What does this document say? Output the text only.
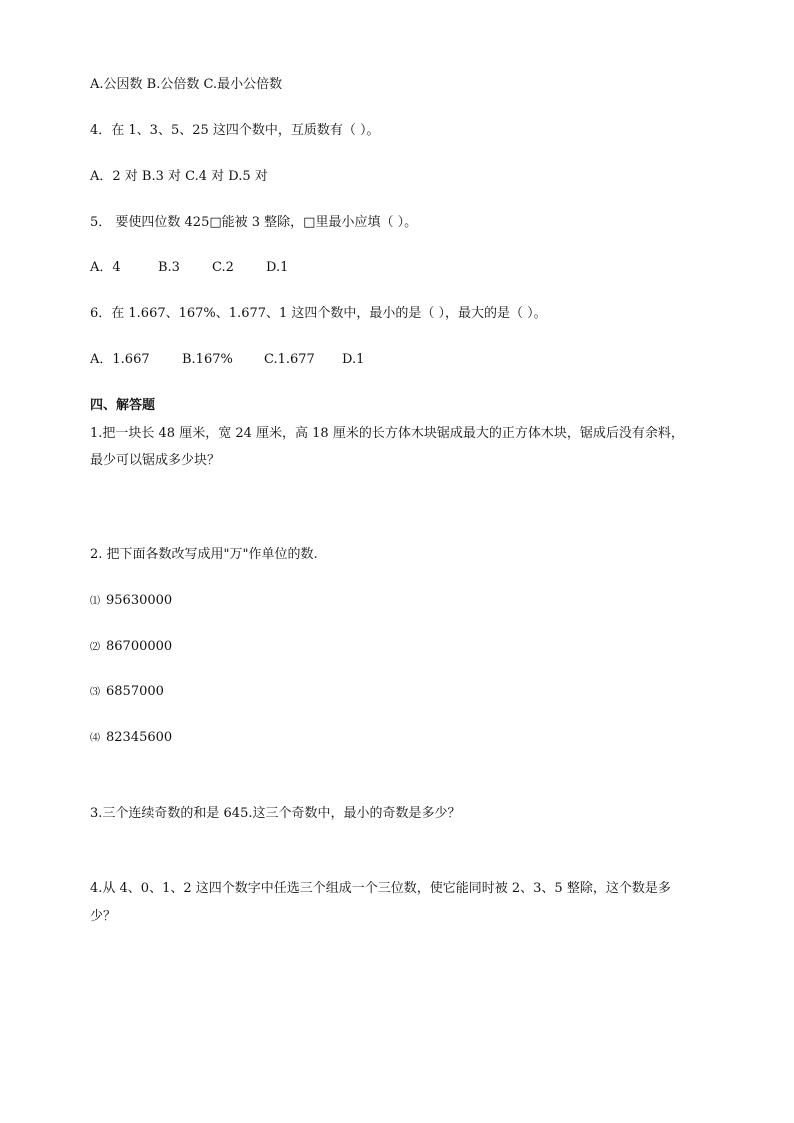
A.公因数 B.公倍数 C.最小公倍数
4．在 1、3、5、25 这四个数中，互质数有（ ）。
A．2 对 B.3 对 C.4 对 D.5 对
5． 要使四位数 425□能被 3 整除，□里最小应填（ ）。
A．4	B.3 C.2 D.1
6．在 1.667、167%、1.677、1 这四个数中，最小的是（ ），最大的是（ ）。
A．1.667 B.167% C.1.677 D.1
四、解答题
1.把一块长 48 厘米，宽 24 厘米，高 18 厘米的长方体木块锯成最大的正方体木块，锯成后没有余料，
最少可以锯成多少块？
2. 把下面各数改写成用"万"作单位的数.
⑴ 95630000
⑵ 86700000
⑶ 6857000
⑷ 82345600
3.三个连续奇数的和是 645.这三个奇数中，最小的奇数是多少？
4.从 4、0、1、2 这四个数字中任选三个组成一个三位数，使它能同时被 2、3、5 整除，这个数是多
少？
